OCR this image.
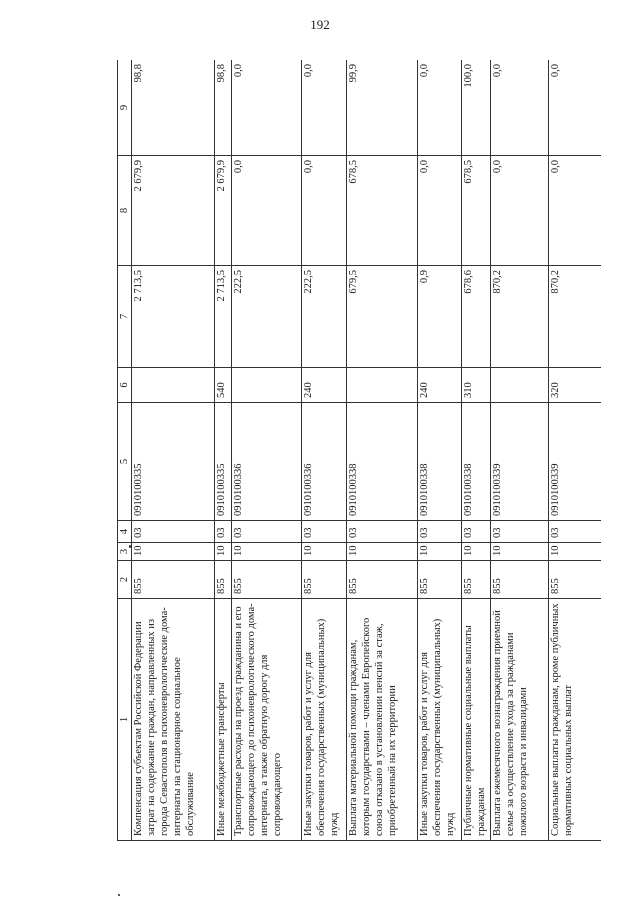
192
1	2	3	4	5	6	7	8	9
Компенсация субъектам Российской Федерации затрат на содержание граждан, направленных из города Севастополя в психоневрологические дома-интернаты на стационарное социальное обслуживание	855	10	03	0910100335		2 713,5	2 679,9	98,8
Иные межбюджетные трансферты	855	10	03	0910100335	540	2 713,5	2 679,9	98,8
Транспортные расходы на проезд гражданина и его сопровождающего до психоневрологического дома-интерната, а также обратную дорогу для сопровождающего	855	10	03	0910100336		222,5	0,0	0,0
Иные закупки товаров, работ и услуг для обеспечения государственных (муниципальных) нужд	855	10	03	0910100336	240	222,5	0,0	0,0
Выплата материальной помощи гражданам, которым государствами – членами Европейского союза отказано в установлении пенсий за стаж, приобретенный на их территории	855	10	03	0910100338		679,5	678,5	99,9
Иные закупки товаров, работ и услуг для обеспечения государственных (муниципальных) нужд	855	10	03	0910100338	240	0,9	0,0	0,0
Публичные нормативные социальные выплаты гражданам	855	10	03	0910100338	310	678,6	678,5	100,0
Выплата ежемесячного вознаграждения приемной семье за осуществление ухода за гражданами пожилого возраста и инвалидами	855	10	03	0910100339		870,2	0,0	0,0
Социальные выплаты гражданам, кроме публичных нормативных социальных выплат	855	10	03	0910100339	320	870,2	0,0	0,0
